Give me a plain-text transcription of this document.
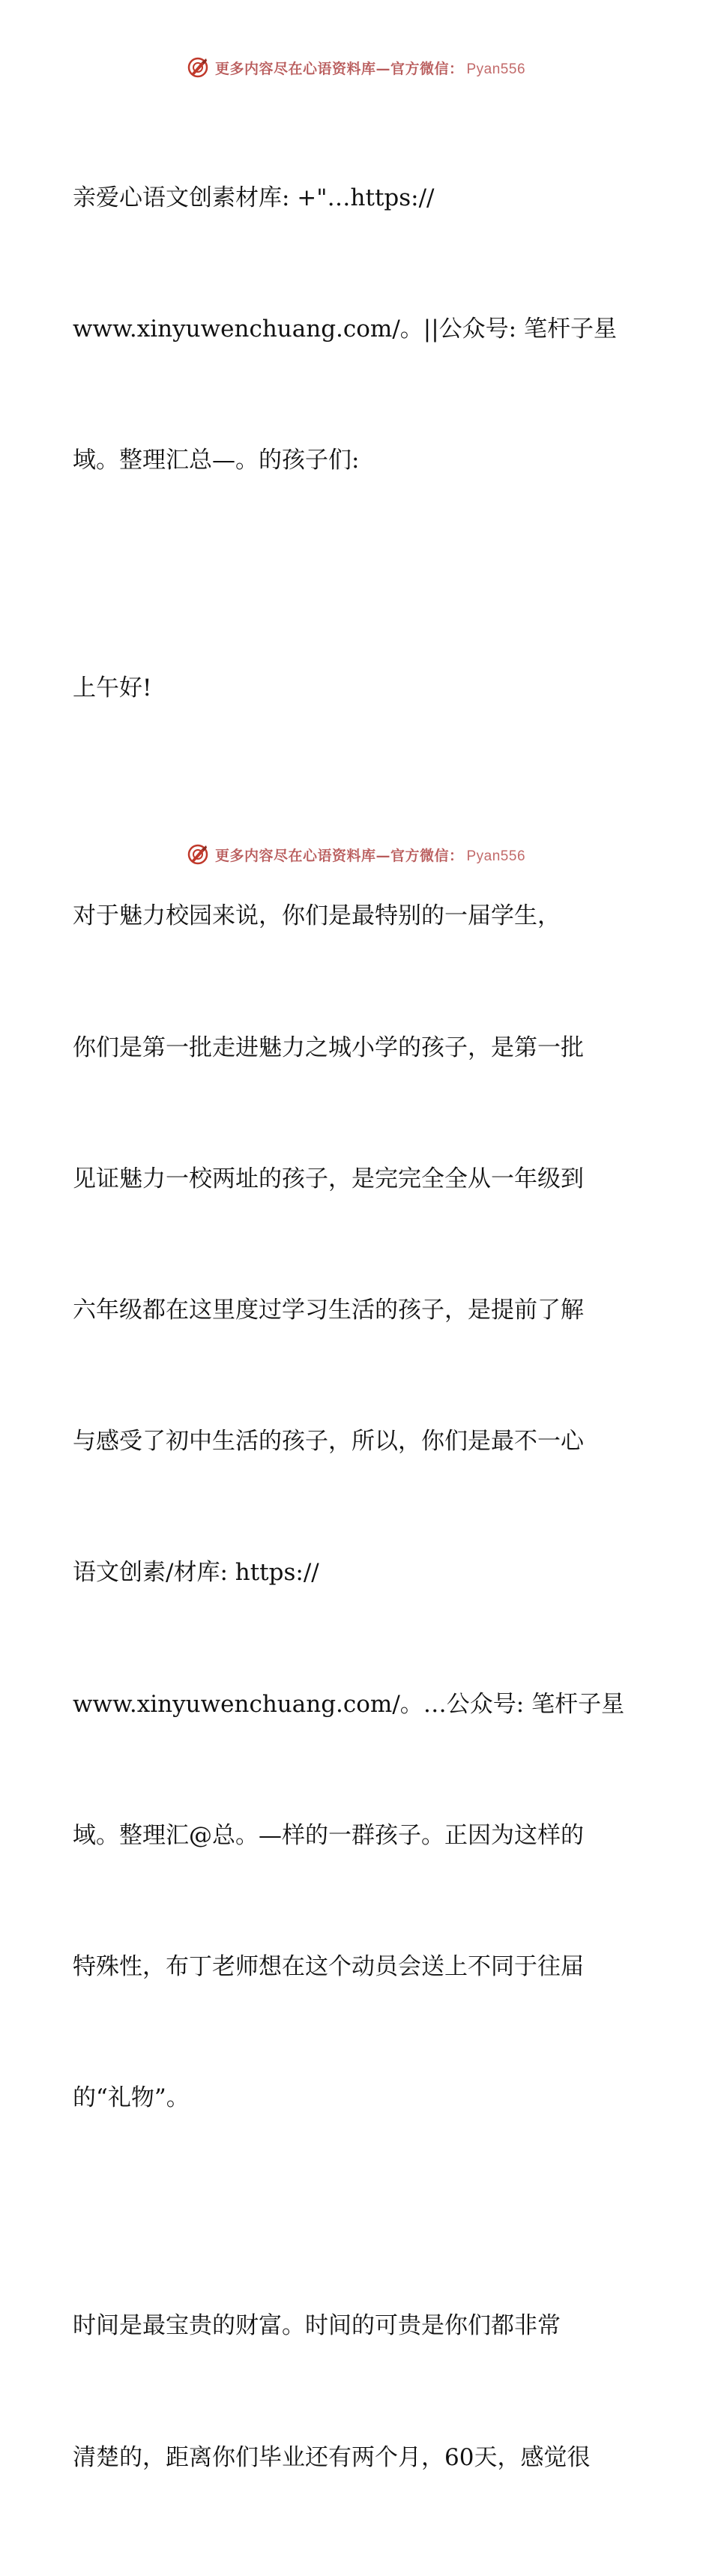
更多内容尽在心语资料库—官方微信： Pyan556

亲爱心语文创素材库: +"…https://

www.xinyuwenchuang.com/。||公众号: 笔杆子星

域。整理汇总—。的孩子们:

上午好!

对于魅力校园来说，你们是最特别的一届学生，

你们是第一批走进魅力之城小学的孩子，是第一批

见证魅力一校两址的孩子，是完完全全从一年级到

六年级都在这里度过学习生活的孩子，是提前了解

与感受了初中生活的孩子，所以，你们是最不一心

语文创素/材库: https://

www.xinyuwenchuang.com/。…公众号: 笔杆子星

域。整理汇@总。—样的一群孩子。正因为这样的

特殊性，布丁老师想在这个动员会送上不同于往届

的“礼物”。

时间是最宝贵的财富。时间的可贵是你们都非常

清楚的，距离你们毕业还有两个月，60天，感觉很

更多内容尽在心语资料库—官方微信： Pyan556
